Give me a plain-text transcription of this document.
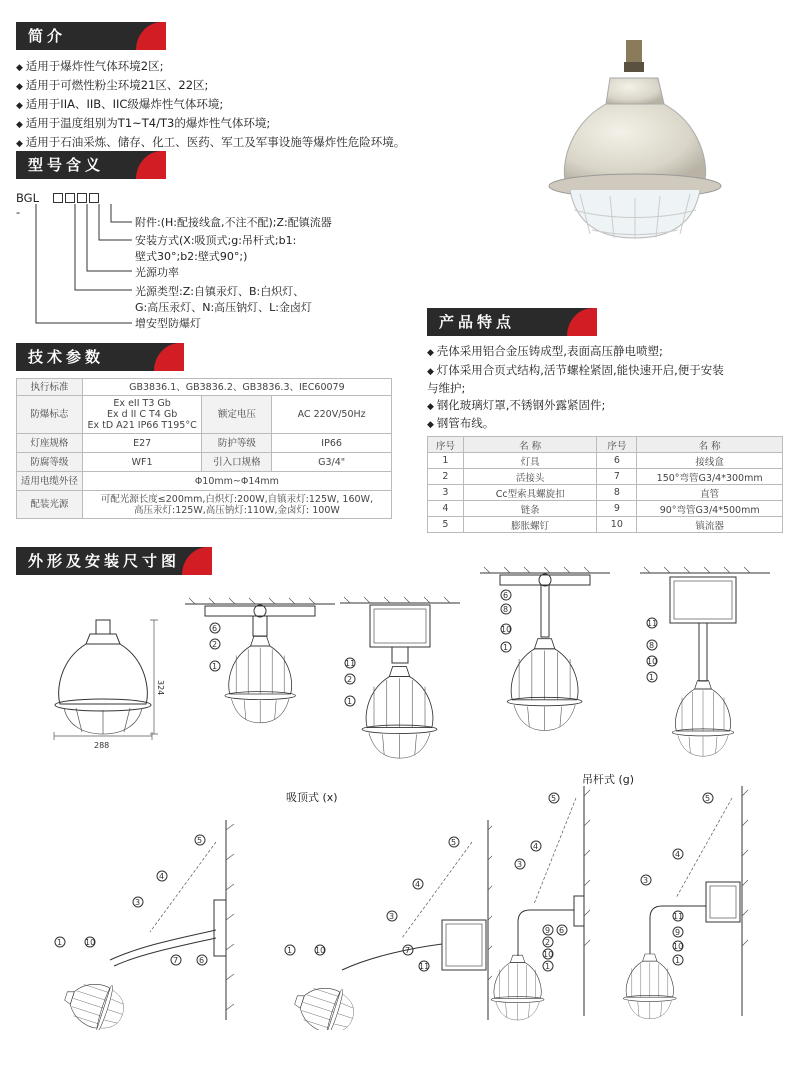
简介
◆ 适用于爆炸性气体环境2区;
◆ 适用于可燃性粉尘环境21区、22区;
◆ 适用于IIA、IIB、IIC级爆炸性气体环境;
◆ 适用于温度组别为T1~T4/T3的爆炸性气体环境;
◆ 适用于石油采炼、储存、化工、医药、军工及军事设施等爆炸性危险环境。
型号含义
BGL -
附件:(H:配接线盒,不注不配);Z:配镇流器
安装方式(X:吸顶式;g:吊杆式;b1:
壁式30°;b2:壁式90°;)
光源功率
光源类型:Z:自镇汞灯、B:白炽灯、
G:高压汞灯、N:高压钠灯、L:金卤灯
增安型防爆灯
技术参数
执行标准	GB3836.1、GB3836.2、GB3836.3、IEC60079		
防爆标志	Ex eII T3 Gb
Ex d II C T4 Gb
Ex tD A21 IP66 T195°C	额定电压	AC 220V/50Hz
灯座规格	E27	防护等级	IP66
防腐等级	WF1	引入口规格	G3/4"
适用电缆外径	Φ10mm~Φ14mm		
配装光源	可配光源长度≤200mm,白炽灯:200W,自镇汞灯:125W, 160W,
高压汞灯:125W,高压钠灯:110W,金卤灯: 100W		
产品特点
◆ 壳体采用铝合金压铸成型,表面高压静电喷塑;
◆ 灯体采用合页式结构,活节螺栓紧固,能快速开启,便于安装
与维护;
◆ 钢化玻璃灯罩,不锈钢外露紧固件;
◆ 钢管布线。
序号	名 称	序号	名 称
1	灯具	6	接线盒
2	活接头	7	150°弯管G3/4*300mm
3	Cc型索具螺旋扣	8	直管
4	链条	9	90°弯管G3/4*500mm
5	膨胀螺钉	10	镇流器
外形及安装尺寸图
324
288
6
2
1	11
2
1
6
8
10
1
11
8
10
1
吸顶式 (x)
吊杆式 (g)
5
4
3
1	10
7	6
5
4
3
1	10	7
11
5
4
3
9
2
6
10
1
5
4
3
11
9
10
1
